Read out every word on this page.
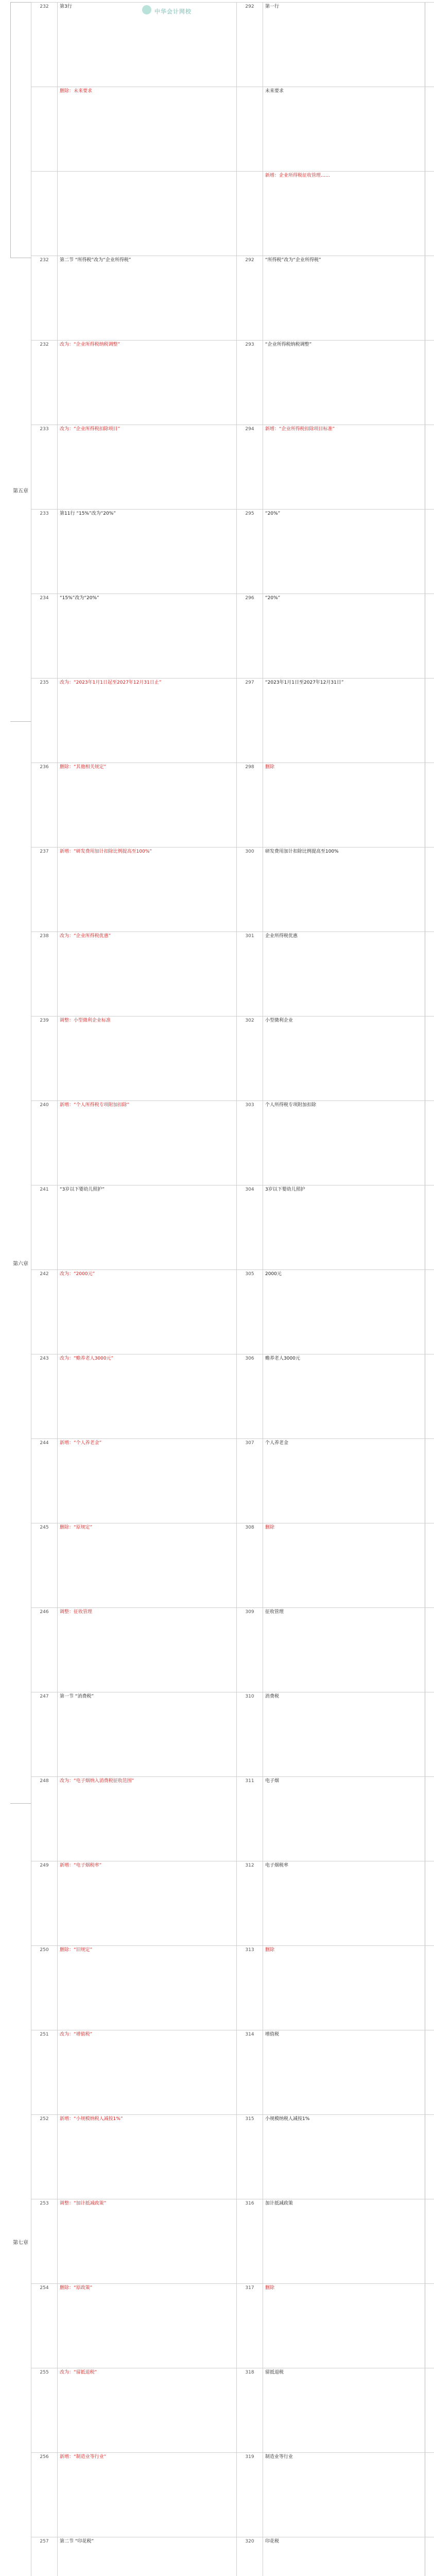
中华会计网校
第五章
第六章
第七章
232	第3行	292	第一行
	删除：未来要求		未来要求
			新增：企业所得税征收管理……
232	第二节 “所得税”改为“企业所得税”	292	“所得税”改为“企业所得税”
232	改为：“企业所得税纳税调整”	293	“企业所得税纳税调整”
233	改为：“企业所得税扣除项目”	294	新增：“企业所得税扣除项目标准”
233	第11行 “15%”改为“20%”	295	“20%”
234	“15%”改为“20%”	296	“20%”
235	改为：“2023年1月1日起至2027年12月31日止”	297	“2023年1月1日至2027年12月31日”
236	删除：“其他相关规定”	298	删除
237	新增：“研发费用加计扣除比例提高至100%”	300	研发费用加计扣除比例提高至100%
238	改为：“企业所得税优惠”	301	企业所得税优惠
239	调整：小型微利企业标准	302	小型微利企业
240	新增：“个人所得税专项附加扣除”	303	个人所得税专项附加扣除
241	“3岁以下婴幼儿照护”	304	3岁以下婴幼儿照护
242	改为：“2000元”	305	2000元
243	改为：“赡养老人3000元”	306	赡养老人3000元
244	新增：“个人养老金”	307	个人养老金
245	删除：“原规定”	308	删除
246	调整：征收管理	309	征收管理
247	第一节 “消费税”	310	消费税
248	改为：“电子烟纳入消费税征收范围”	311	电子烟
249	新增：“电子烟税率”	312	电子烟税率
250	删除：“旧规定”	313	删除
251	改为：“增值税”	314	增值税
252	新增：“小规模纳税人减按1%”	315	小规模纳税人减按1%
253	调整：“加计抵减政策”	316	加计抵减政策
254	删除：“原政策”	317	删除
255	改为：“留抵退税”	318	留抵退税
256	新增：“制造业等行业”	319	制造业等行业
257	第二节 “印花税”	320	印花税
